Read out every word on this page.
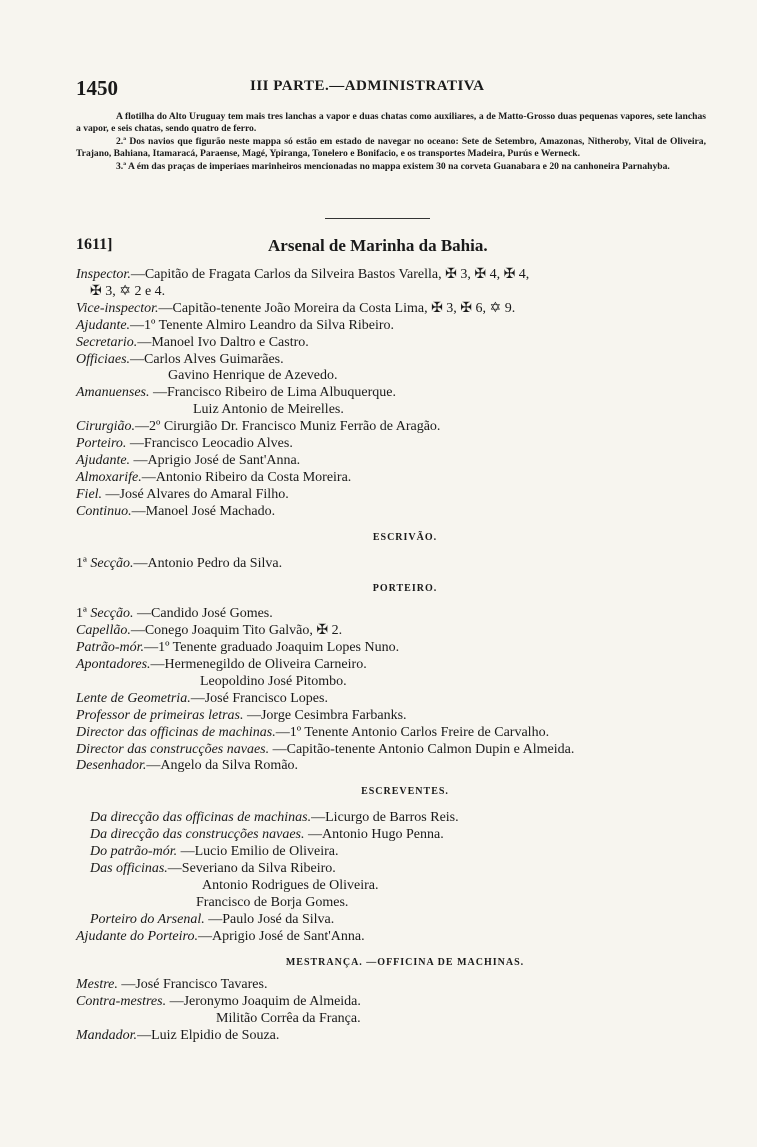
1450	III PARTE.—ADMINISTRATIVA

A flotilha do Alto Uruguay tem mais tres lanchas a vapor e duas chatas como auxiliares, a de Matto-Grosso duas pequenas vapores, sete lanchas a vapor, e seis chatas, sendo quatro de ferro.

2.ª Dos navios que figurão neste mappa só estão em estado de navegar no oceano: Sete de Setembro, Amazonas, Nitheroby, Vital de Oliveira, Trajano, Bahiana, Itamaracá, Paraense, Magé, Ypiranga, Tonelero e Bonifacio, e os transportes Madeira, Purús e Werneck.

3.ª A ém das praças de imperiaes marinheiros mencionadas no mappa existem 30 na corveta Guanabara e 20 na canhoneira Parnahyba.

1611]	Arsenal de Marinha da Bahia.
Inspector.—Capitão de Fragata Carlos da Silveira Bastos Varella, ✠ 3, ✠ 4, ✠ 4,
✠ 3, ✡ 2 e 4.
Vice-inspector.—Capitão-tenente João Moreira da Costa Lima, ✠ 3, ✠ 6, ✡ 9.
Ajudante.—1º Tenente Almiro Leandro da Silva Ribeiro.
Secretario.—Manoel Ivo Daltro e Castro.
Officiaes.—Carlos Alves Guimarães.
Gavino Henrique de Azevedo.
Amanuenses. —Francisco Ribeiro de Lima Albuquerque.
Luiz Antonio de Meirelles.
Cirurgião.—2º Cirurgião Dr. Francisco Muniz Ferrão de Aragão.
Porteiro. —Francisco Leocadio Alves.
Ajudante. —Aprigio José de Sant'Anna.
Almoxarife.—Antonio Ribeiro da Costa Moreira.
Fiel. —José Alvares do Amaral Filho.
Continuo.—Manoel José Machado.
ESCRIVÃO.
1ª Secção.—Antonio Pedro da Silva.
PORTEIRO.
1ª Secção. —Candido José Gomes.
Capellão.—Conego Joaquim Tito Galvão, ✠ 2.
Patrão-mór.—1º Tenente graduado Joaquim Lopes Nuno.
Apontadores.—Hermenegildo de Oliveira Carneiro.
Leopoldino José Pitombo.
Lente de Geometria.—José Francisco Lopes.
Professor de primeiras letras. —Jorge Cesimbra Farbanks.
Director das officinas de machinas.—1º Tenente Antonio Carlos Freire de Carvalho.
Director das construcções navaes. —Capitão-tenente Antonio Calmon Dupin e Almeida.
Desenhador.—Angelo da Silva Romão.
ESCREVENTES.
Da direcção das officinas de machinas.—Licurgo de Barros Reis.
Da direcção das construcções navaes. —Antonio Hugo Penna.
Do patrão-mór. —Lucio Emilio de Oliveira.
Das officinas.—Severiano da Silva Ribeiro.
Antonio Rodrigues de Oliveira.
Francisco de Borja Gomes.
Porteiro do Arsenal. —Paulo José da Silva.
Ajudante do Porteiro.—Aprigio José de Sant'Anna.
MESTRANÇA. —OFFICINA DE MACHINAS.
Mestre. —José Francisco Tavares.
Contra-mestres. —Jeronymo Joaquim de Almeida.
Militão Corrêa da França.
Mandador.—Luiz Elpidio de Souza.
